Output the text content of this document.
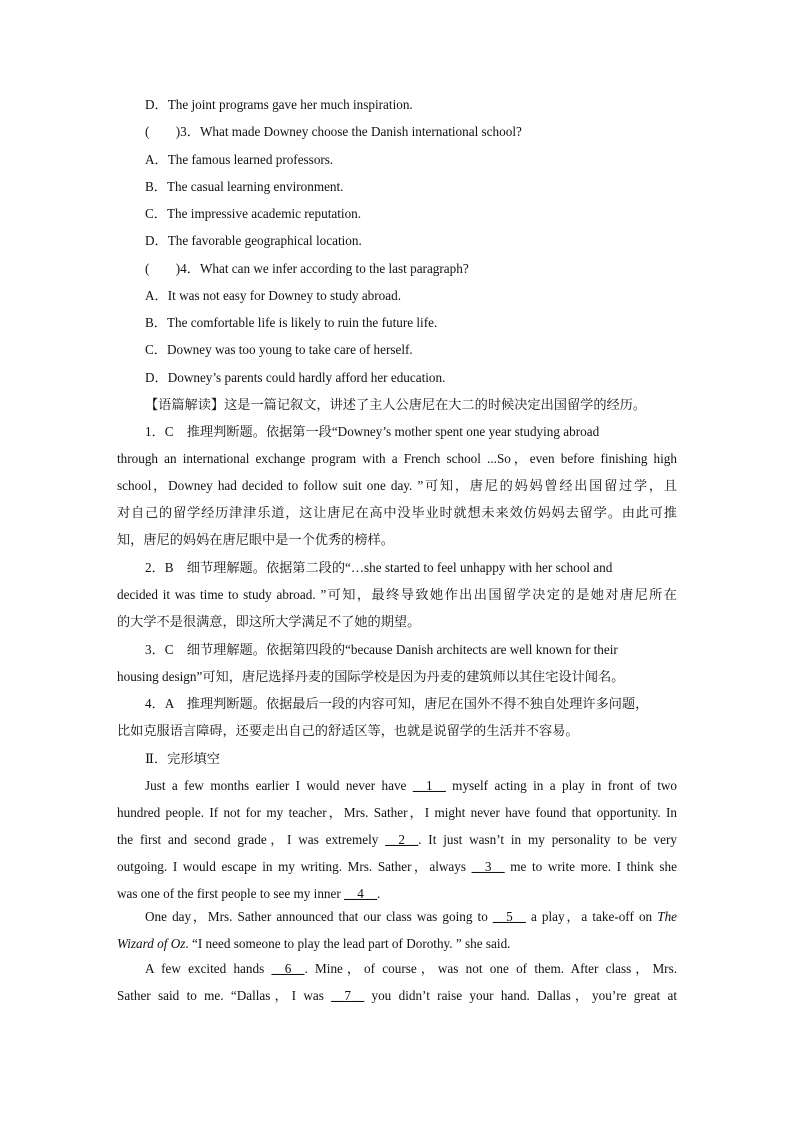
D．The joint programs gave her much inspiration.
(　　)3．What made Downey choose the Danish international school?
A．The famous learned professors.
B．The casual learning environment.
C．The impressive academic reputation.
D．The favorable geographical location.
(　　)4．What can we infer according to the last paragraph?
A．It was not easy for Downey to study abroad.
B．The comfortable life is likely to ruin the future life.
C．Downey was too young to take care of herself.
D．Downey’s parents could hardly afford her education.
【语篇解读】这是一篇记叙文，讲述了主人公唐尼在大二的时候决定出国留学的经历。
1．C　推理判断题。依据第一段“Downey’s mother spent one year studying abroad
through an international exchange program with a French school ...So，even before finishing high
school，Downey had decided to follow suit one day. ”可知，唐尼的妈妈曾经出国留过学，且
对自己的留学经历津津乐道，这让唐尼在高中没毕业时就想未来效仿妈妈去留学。由此可推
知，唐尼的妈妈在唐尼眼中是一个优秀的榜样。
2．B　细节理解题。依据第二段的“…she started to feel unhappy with her school and
decided it was time to study abroad. ”可知，最终导致她作出出国留学决定的是她对唐尼所在
的大学不是很满意，即这所大学满足不了她的期望。
3．C　细节理解题。依据第四段的“because Danish architects are well known for their
housing design”可知，唐尼选择丹麦的国际学校是因为丹麦的建筑师以其住宅设计闻名。
4．A　推理判断题。依据最后一段的内容可知，唐尼在国外不得不独自处理许多问题，
比如克服语言障碍，还要走出自己的舒适区等，也就是说留学的生活并不容易。
Ⅱ．完形填空
Just a few months earlier I would never have __1__ myself acting in a play in front of two
hundred people. If not for my teacher，Mrs. Sather，I might never have found that opportunity. In
the first and second grade，I was extremely __2__. It just wasn’t in my personality to be very
outgoing. I would escape in my writing. Mrs. Sather，always __3__ me to write more. I think she
was one of the first people to see my inner __4__.
One day，Mrs. Sather announced that our class was going to __5__ a play，a take-off on The
Wizard of Oz. “I need someone to play the lead part of Dorothy. ” she said.
A few excited hands __6__. Mine，of course，was not one of them. After class，Mrs.
Sather said to me. “Dallas，I was __7__ you didn’t raise your hand. Dallas，you’re great at
